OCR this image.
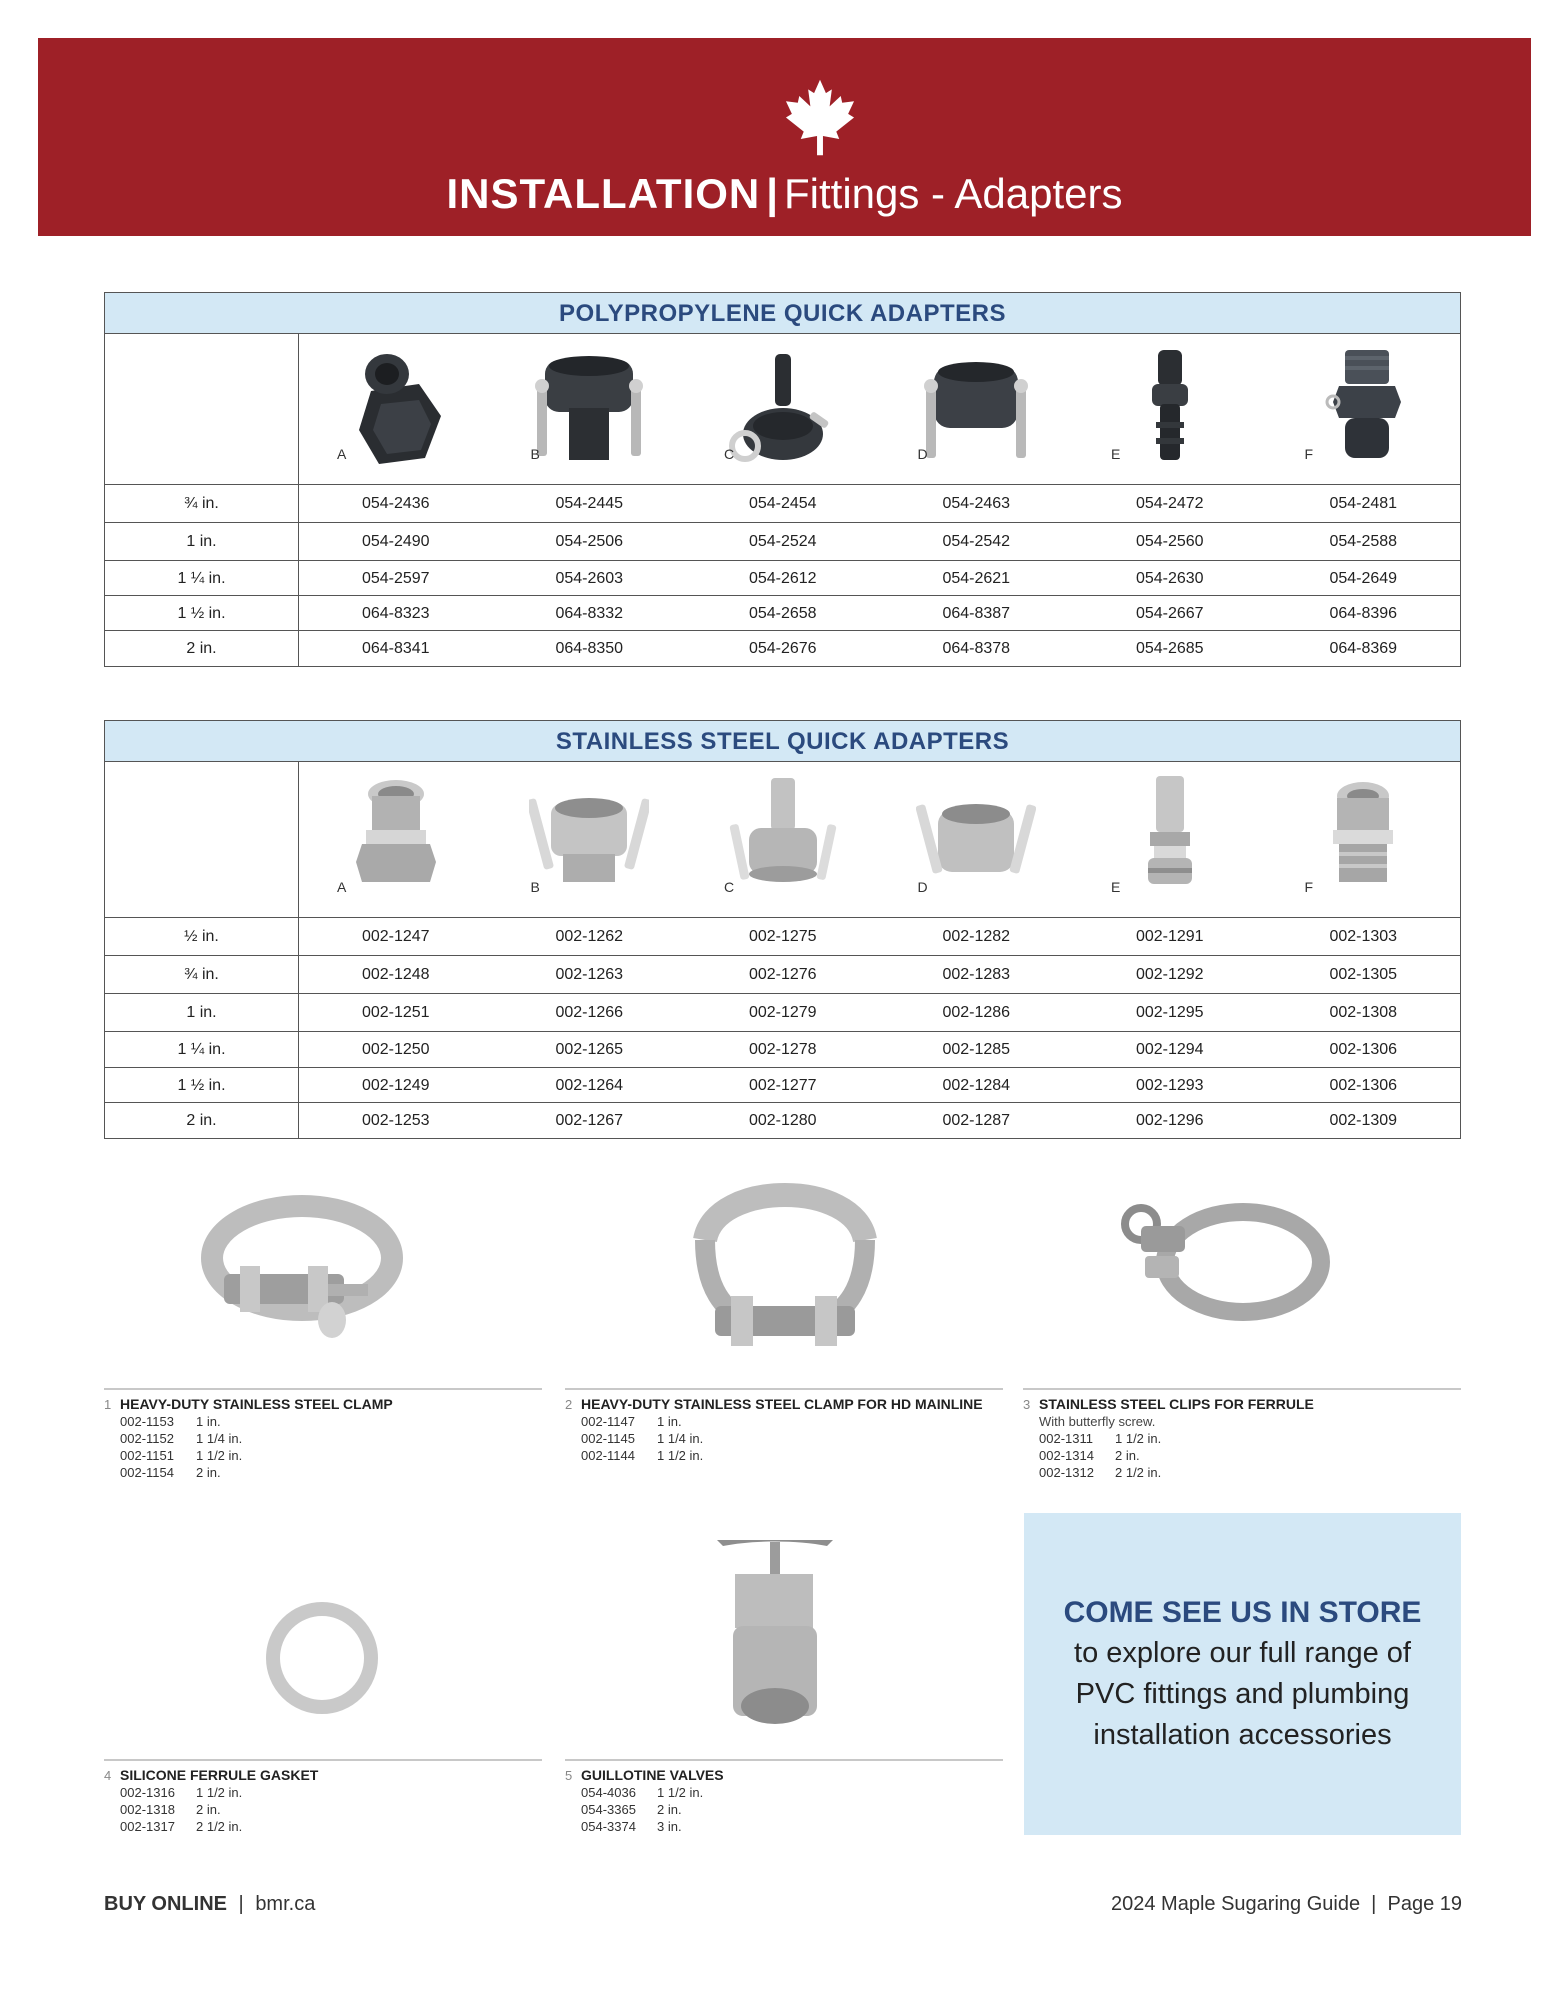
INSTALLATION | Fittings - Adapters
POLYPROPYLENE QUICK ADAPTERS
A	B	C	D	E	F
¾ in.	054-2436	054-2445	054-2454	054-2463	054-2472	054-2481
1 in.	054-2490	054-2506	054-2524	054-2542	054-2560	054-2588
1 ¼ in.	054-2597	054-2603	054-2612	054-2621	054-2630	054-2649
1 ½ in.	064-8323	064-8332	054-2658	064-8387	054-2667	064-8396
2 in.	064-8341	064-8350	054-2676	064-8378	054-2685	064-8369
STAINLESS STEEL QUICK ADAPTERS
A	B	C	D	E	F
½ in.	002-1247	002-1262	002-1275	002-1282	002-1291	002-1303
¾ in.	002-1248	002-1263	002-1276	002-1283	002-1292	002-1305
1 in.	002-1251	002-1266	002-1279	002-1286	002-1295	002-1308
1 ¼ in.	002-1250	002-1265	002-1278	002-1285	002-1294	002-1306
1 ½ in.	002-1249	002-1264	002-1277	002-1284	002-1293	002-1306
2 in.	002-1253	002-1267	002-1280	002-1287	002-1296	002-1309
1 HEAVY-DUTY STAINLESS STEEL CLAMP
002-1153 1 in.
002-1152 1 1/4 in.
002-1151 1 1/2 in.
002-1154 2 in.
2 HEAVY-DUTY STAINLESS STEEL CLAMP FOR HD MAINLINE
002-1147 1 in.
002-1145 1 1/4 in.
002-1144 1 1/2 in.
3 STAINLESS STEEL CLIPS FOR FERRULE
With butterfly screw.
002-1311 1 1/2 in.
002-1314 2 in.
002-1312 2 1/2 in.
4 SILICONE FERRULE GASKET
002-1316 1 1/2 in.
002-1318 2 in.
002-1317 2 1/2 in.
5 GUILLOTINE VALVES
054-4036 1 1/2 in.
054-3365 2 in.
054-3374 3 in.
COME SEE US IN STORE
to explore our full range of
PVC fittings and plumbing
installation accessories
BUY ONLINE | bmr.ca	2024 Maple Sugaring Guide  |  Page 19
